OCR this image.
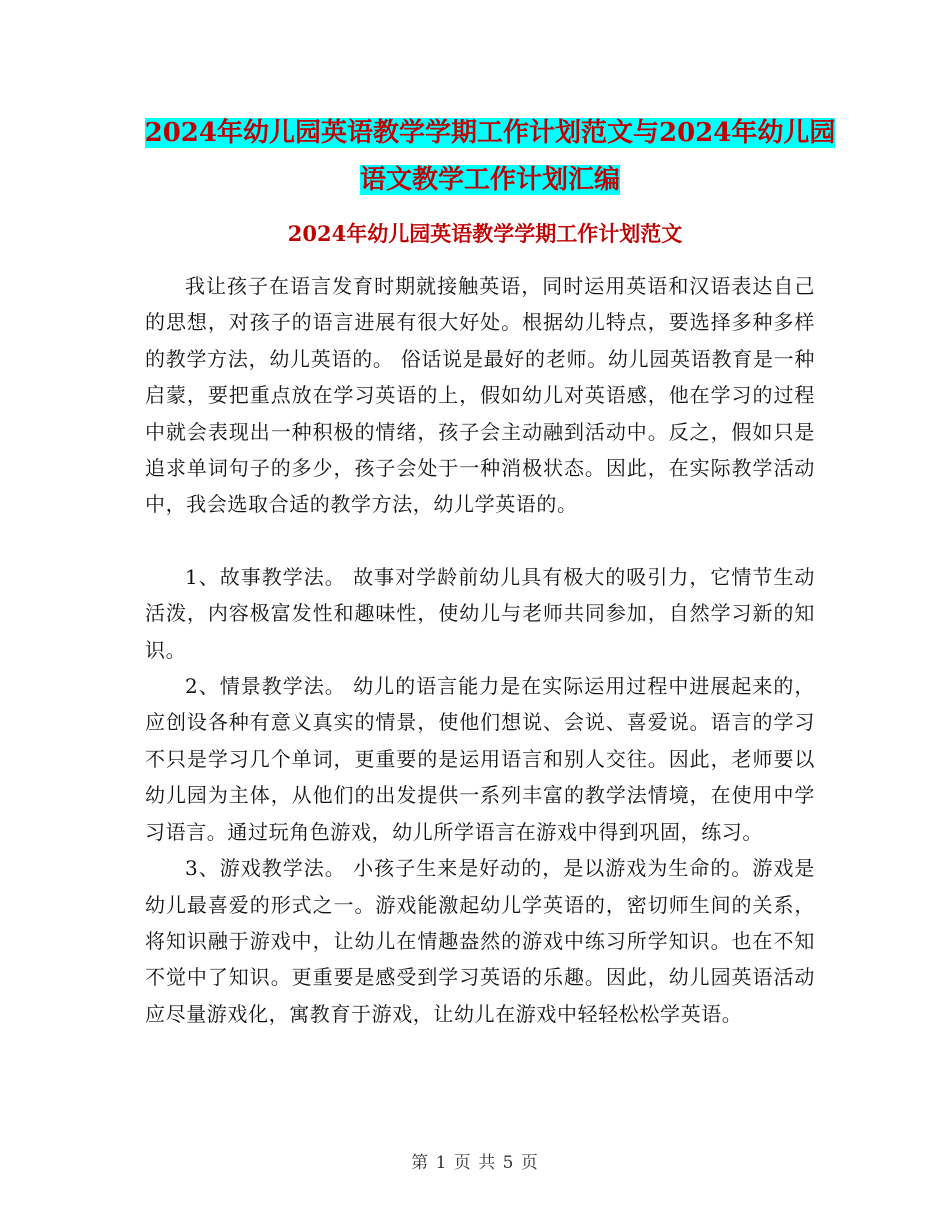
2024年幼儿园英语教学学期工作计划范文与2024年幼儿园语文教学工作计划汇编
2024年幼儿园英语教学学期工作计划范文

我让孩子在语言发育时期就接触英语，同时运用英语和汉语表达自己的思想，对孩子的语言进展有很大好处。根据幼儿特点，要选择多种多样的教学方法，幼儿英语的。 俗话说是最好的老师。幼儿园英语教育是一种启蒙，要把重点放在学习英语的上，假如幼儿对英语感，他在学习的过程中就会表现出一种积极的情绪，孩子会主动融到活动中。反之，假如只是追求单词句子的多少，孩子会处于一种消极状态。因此，在实际教学活动中，我会选取合适的教学方法，幼儿学英语的。

1、故事教学法。 故事对学龄前幼儿具有极大的吸引力，它情节生动活泼，内容极富发性和趣味性，使幼儿与老师共同参加，自然学习新的知识。

2、情景教学法。 幼儿的语言能力是在实际运用过程中进展起来的，应创设各种有意义真实的情景，使他们想说、会说、喜爱说。语言的学习不只是学习几个单词，更重要的是运用语言和别人交往。因此，老师要以幼儿园为主体，从他们的出发提供一系列丰富的教学法情境，在使用中学习语言。通过玩角色游戏，幼儿所学语言在游戏中得到巩固，练习。

3、游戏教学法。 小孩子生来是好动的，是以游戏为生命的。游戏是幼儿最喜爱的形式之一。游戏能激起幼儿学英语的，密切师生间的关系，将知识融于游戏中，让幼儿在情趣盎然的游戏中练习所学知识。也在不知不觉中了知识。更重要是感受到学习英语的乐趣。因此，幼儿园英语活动应尽量游戏化，寓教育于游戏，让幼儿在游戏中轻轻松松学英语。

第 1 页 共 5 页
